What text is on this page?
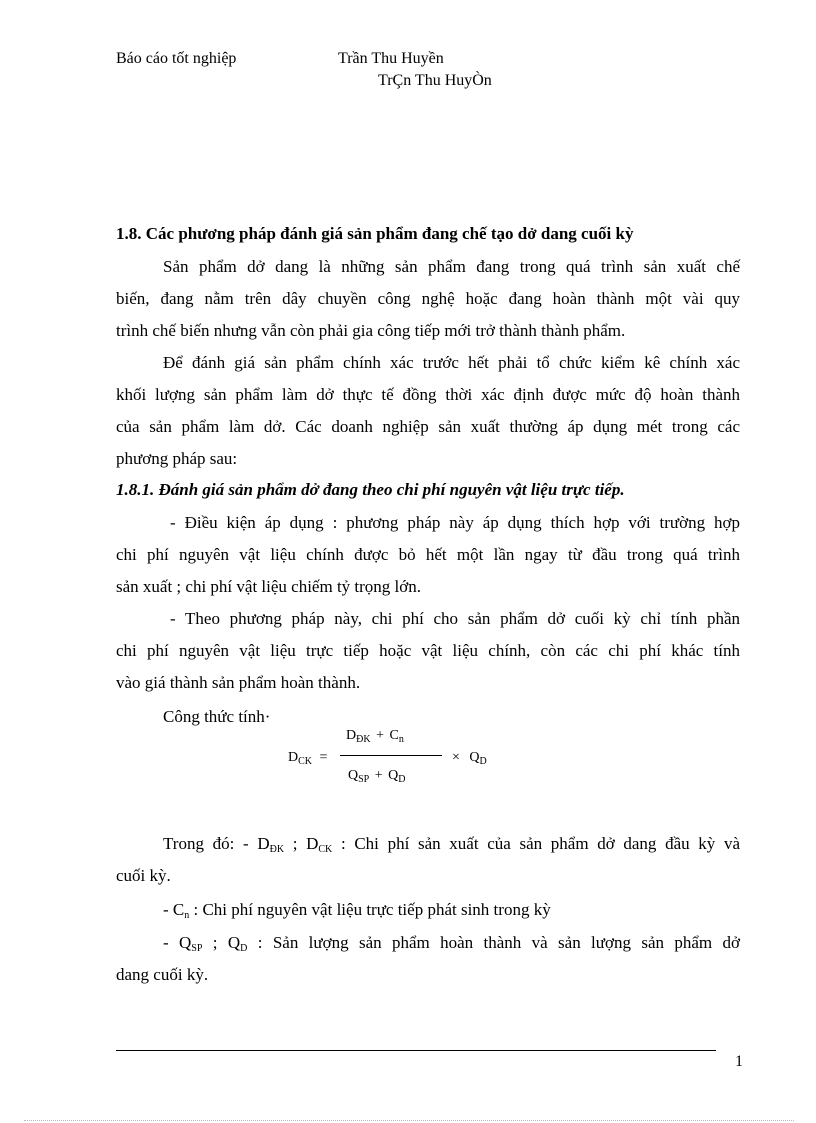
Báo cáo tốt nghiệp	Trần Thu Huyền
TrÇn Thu HuyÒn
1.8. Các phương pháp đánh giá sản phẩm đang chế tạo dở dang cuối kỳ
Sản phẩm dở dang là những sản phẩm đang trong quá trình sản xuất chế
biến, đang nằm trên dây chuyền công nghệ hoặc đang hoàn thành một vài quy
trình chế biến nhưng vẫn còn phải gia công tiếp mới trở thành thành phẩm.
Để đánh giá sản phẩm chính xác trước hết phải tổ chức kiểm kê chính xác
khối lượng sản phẩm làm dở thực tế đồng thời xác định được mức độ hoàn thành
của sản phẩm làm dở. Các doanh nghiệp sản xuất thường áp dụng mét trong các
phương pháp sau:
1.8.1. Đánh giá sản phẩm dở đang theo chi phí nguyên vật liệu trực tiếp.
- Điều kiện áp dụng : phương pháp này áp dụng thích hợp với trường hợp
chi phí nguyên vật liệu chính được bỏ hết một lần ngay từ đầu trong quá trình
sản xuất ; chi phí vật liệu chiếm tỷ trọng lớn.
- Theo phương pháp này, chi phí cho sản phẩm dở cuối kỳ chỉ tính phần
chi phí nguyên vật liệu trực tiếp hoặc vật liệu chính, còn các chi phí khác tính
vào giá thành sản phẩm hoàn thành.
Công thức tính·
$D_{CK}$ =
$D_{ĐK} + C_n$
$Q_{SP} + Q_D$
× $Q_D$
Trong đó: - $D_{ĐK}$ ; $D_{CK}$ : Chi phí sản xuất của sản phẩm dở dang đầu kỳ và
cuối kỳ.
- $C_n$ : Chi phí nguyên vật liệu trực tiếp phát sinh trong kỳ
- $Q_{SP}$ ; $Q_D$ : Sản lượng sản phẩm hoàn thành và sản lượng sản phẩm dở
dang cuối kỳ.
1
